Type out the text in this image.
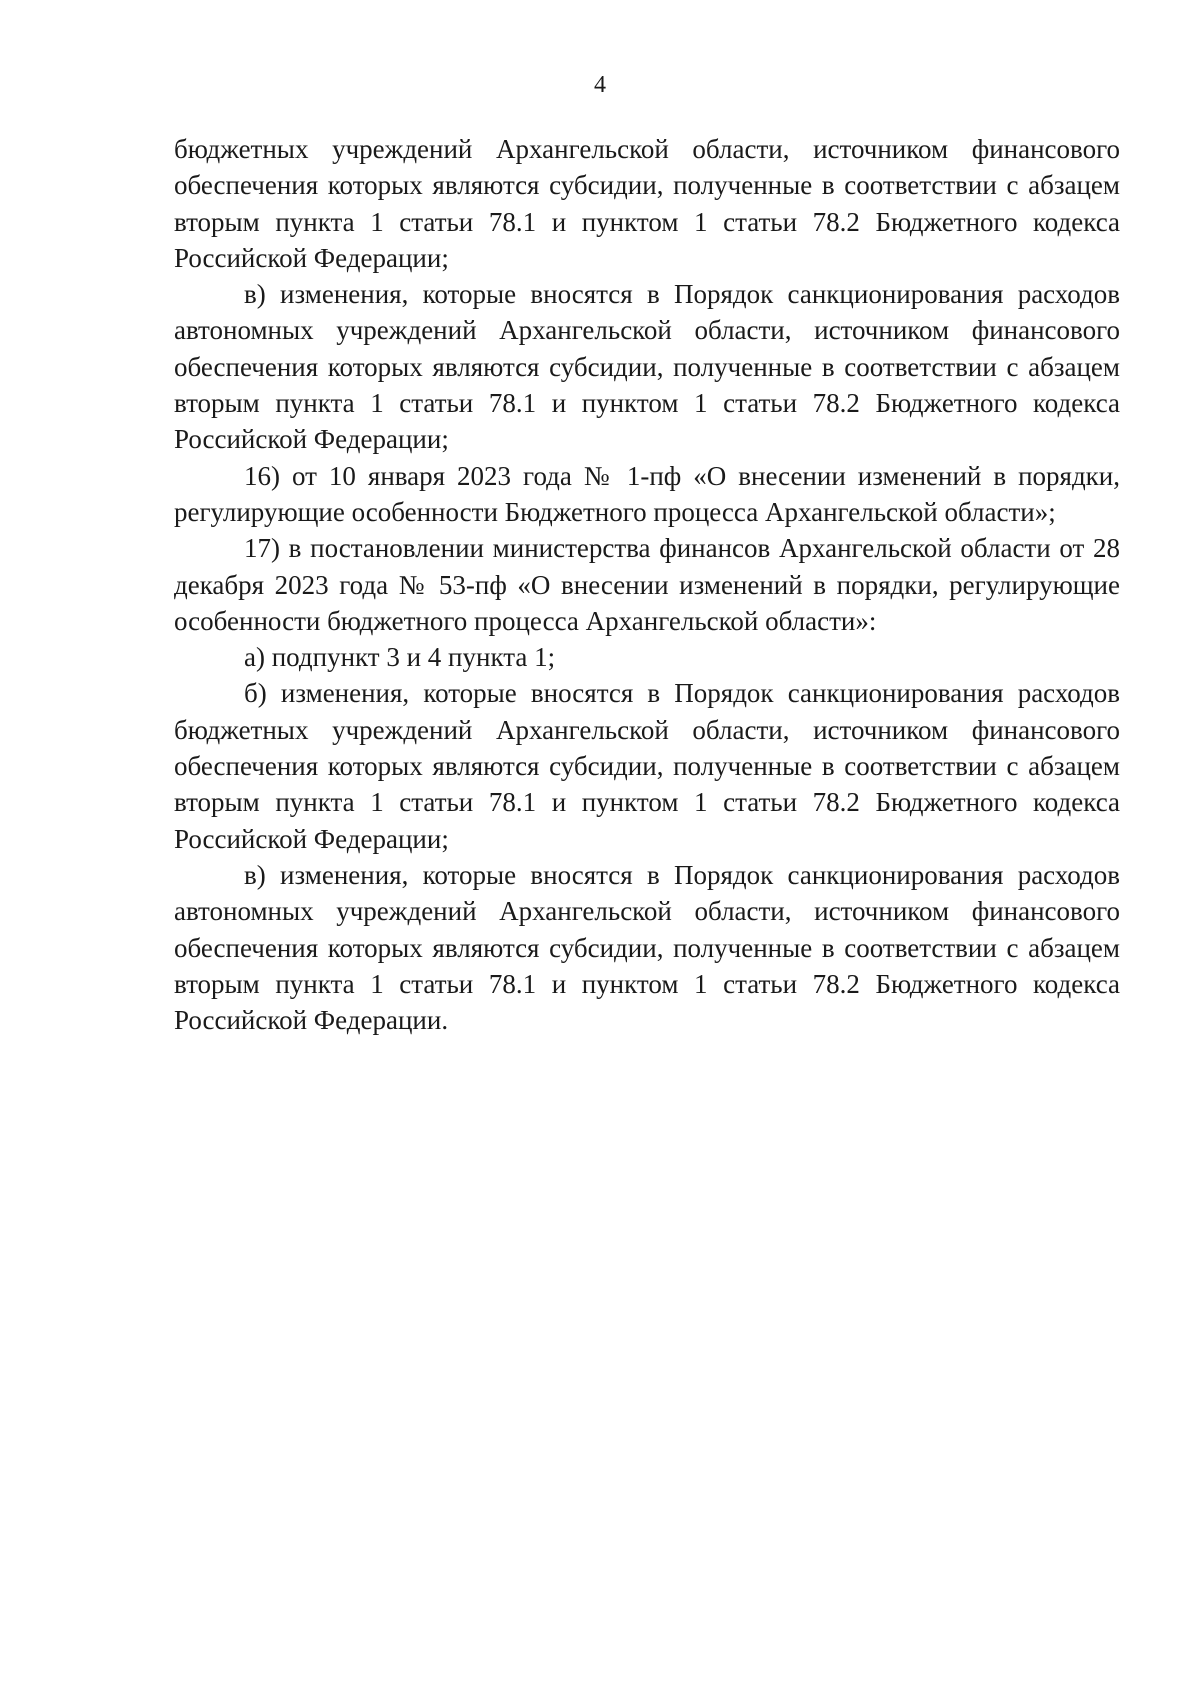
4

бюджетных учреждений Архангельской области, источником финансового обеспечения которых являются субсидии, полученные в соответствии с абзацем вторым пункта 1 статьи 78.1 и пунктом 1 статьи 78.2 Бюджетного кодекса Российской Федерации;

в) изменения, которые вносятся в Порядок санкционирования расходов автономных учреждений Архангельской области, источником финансового обеспечения которых являются субсидии, полученные в соответствии с абзацем вторым пункта 1 статьи 78.1 и пунктом 1 статьи 78.2 Бюджетного кодекса Российской Федерации;

16) от 10 января 2023 года № 1-пф «О внесении изменений в порядки, регулирующие особенности Бюджетного процесса Архангельской области»;

17) в постановлении министерства финансов Архангельской области от 28 декабря 2023 года № 53-пф «О внесении изменений в порядки, регулирующие особенности бюджетного процесса Архангельской области»:

а) подпункт 3 и 4 пункта 1;

б) изменения, которые вносятся в Порядок санкционирования расходов бюджетных учреждений Архангельской области, источником финансового обеспечения которых являются субсидии, полученные в соответствии с абзацем вторым пункта 1 статьи 78.1 и пунктом 1 статьи 78.2 Бюджетного кодекса Российской Федерации;

в) изменения, которые вносятся в Порядок санкционирования расходов автономных учреждений Архангельской области, источником финансового обеспечения которых являются субсидии, полученные в соответствии с абзацем вторым пункта 1 статьи 78.1 и пунктом 1 статьи 78.2 Бюджетного кодекса Российской Федерации.
